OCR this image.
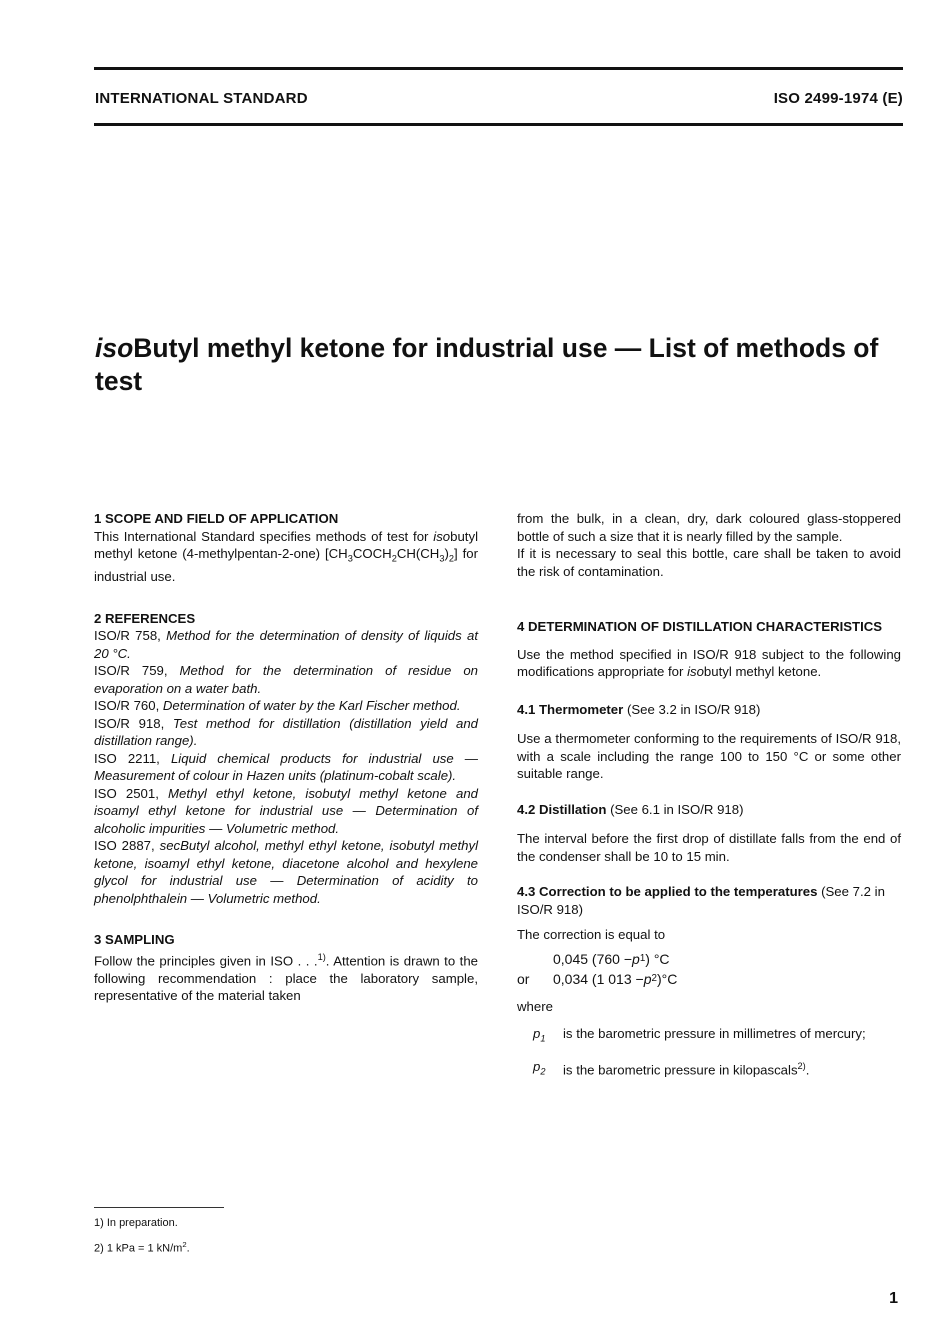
INTERNATIONAL STANDARD	ISO 2499-1974 (E)
isoButyl methyl ketone for industrial use — List of methods of test

1 SCOPE AND FIELD OF APPLICATION

This International Standard specifies methods of test for isobutyl methyl ketone (4-methylpentan-2-one) $[CH_3COCH_2CH(CH_3)_2]$ for industrial use.

2 REFERENCES

ISO/R 758, Method for the determination of density of liquids at 20 °C.

ISO/R 759, Method for the determination of residue on evaporation on a water bath.

ISO/R 760, Determination of water by the Karl Fischer method.

ISO/R 918, Test method for distillation (distillation yield and distillation range).

ISO 2211, Liquid chemical products for industrial use — Measurement of colour in Hazen units (platinum-cobalt scale).

ISO 2501, Methyl ethyl ketone, isobutyl methyl ketone and isoamyl ethyl ketone for industrial use — Determination of alcoholic impurities — Volumetric method.

ISO 2887, secButyl alcohol, methyl ethyl ketone, isobutyl methyl ketone, isoamyl ethyl ketone, diacetone alcohol and hexylene glycol for industrial use — Determination of acidity to phenolphthalein — Volumetric method.

3 SAMPLING

Follow the principles given in ISO . . .$^{1)}$. Attention is drawn to the following recommendation : place the laboratory sample, representative of the material taken

from the bulk, in a clean, dry, dark coloured glass-stoppered bottle of such a size that it is nearly filled by the sample.

If it is necessary to seal this bottle, care shall be taken to avoid the risk of contamination.

4 DETERMINATION OF DISTILLATION CHARACTERISTICS

Use the method specified in ISO/R 918 subject to the following modifications appropriate for isobutyl methyl ketone.

4.1 Thermometer (See 3.2 in ISO/R 918)

Use a thermometer conforming to the requirements of ISO/R 918, with a scale including the range 100 to 150 °C or some other suitable range.

4.2 Distillation (See 6.1 in ISO/R 918)

The interval before the first drop of distillate falls from the end of the condenser shall be 10 to 15 min.

4.3 Correction to be applied to the temperatures (See 7.2 in ISO/R 918)

The correction is equal to

0,045 (760 − p 1 ) °C
or	0,034 (1 013 − p 2 )°C

where

$p_1$	is the barometric pressure in millimetres of mercury;
$p_2$	is the barometric pressure in kilopascals$^{2)}$.
1) In preparation.
2) 1 kPa = 1 $kN/m^2$.
1
